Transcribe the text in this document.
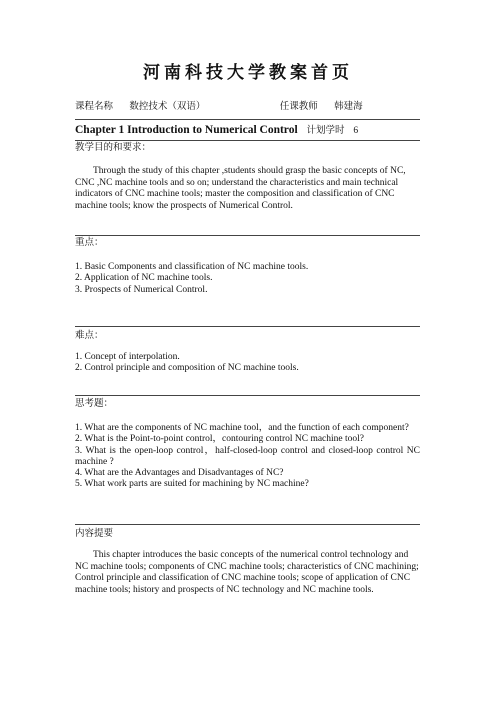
河南科技大学教案首页
课程名称 数控技术（双语）	任课教师 韩建海
Chapter 1 Introduction to Numerical Control 计划学时 6
教学目的和要求：
Through the study of this chapter ,students should grasp the basic concepts of NC, CNC ,NC machine tools and so on; understand the characteristics and main technical indicators of CNC machine tools; master the composition and classification of CNC machine tools; know the prospects of Numerical Control.
重点：
1. Basic Components and classification of NC machine tools.
2. Application of NC machine tools.
3. Prospects of Numerical Control.
难点：
1. Concept of interpolation.
2. Control principle and composition of NC machine tools.
思考题：
1. What are the components of NC machine tool，and the function of each component?
2. What is the Point-to-point control，contouring control NC machine tool?
3. What is the open-loop control，half-closed-loop control and closed-loop control NC machine ?
4. What are the Advantages and Disadvantages of NC?
5. What work parts are suited for machining by NC machine?
内容提要
This chapter introduces the basic concepts of the numerical control technology and NC machine tools; components of CNC machine tools; characteristics of CNC machining; Control principle and classification of CNC machine tools; scope of application of CNC machine tools; history and prospects of NC technology and NC machine tools.
